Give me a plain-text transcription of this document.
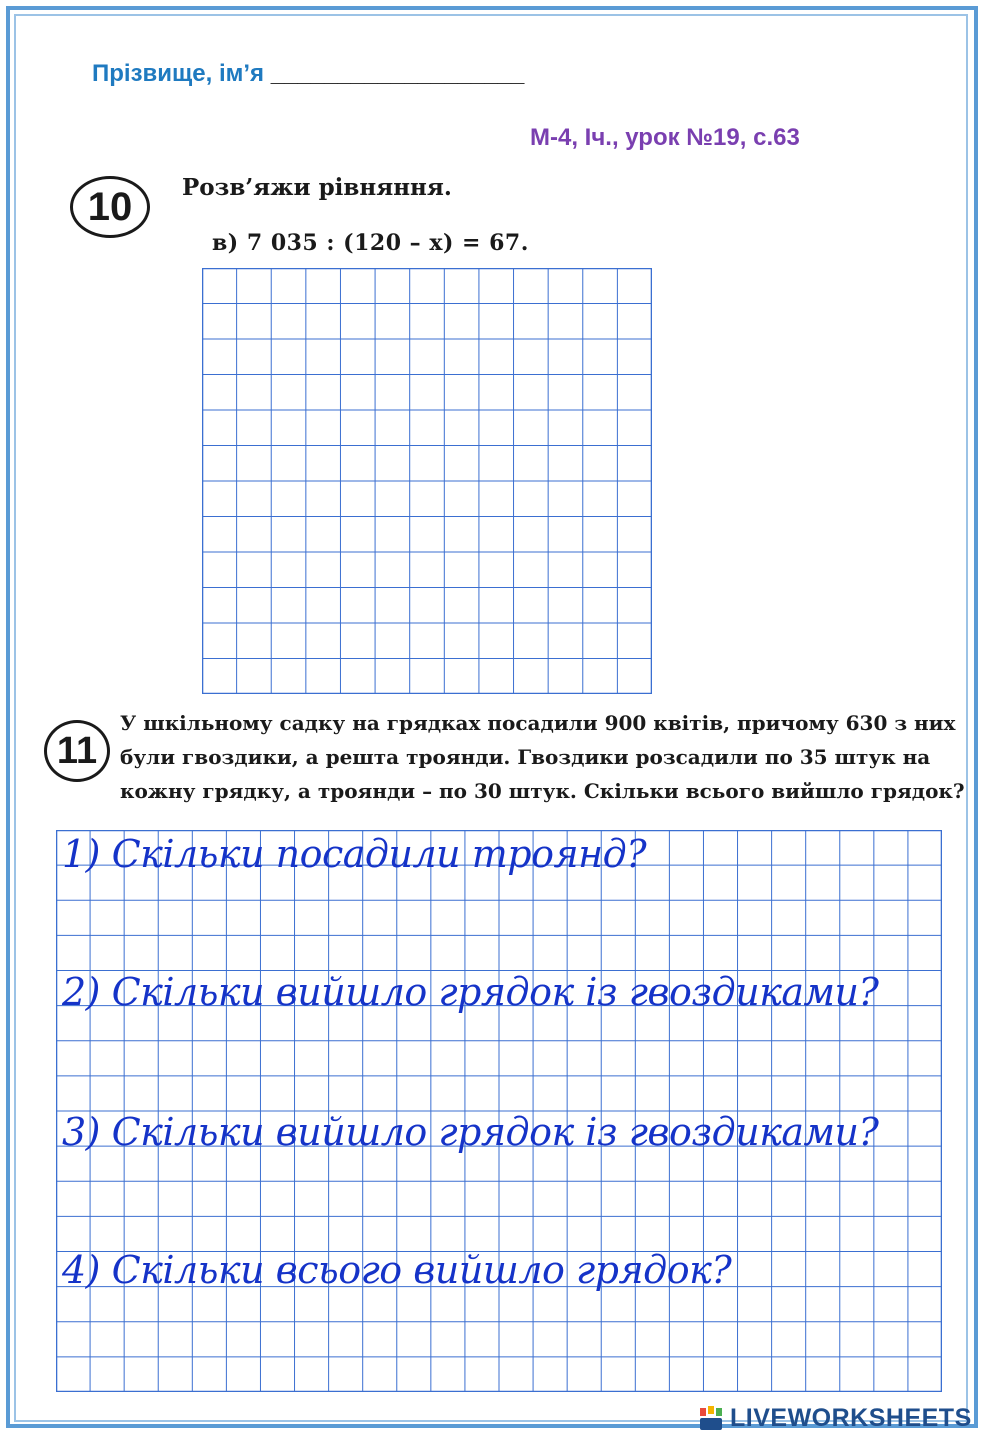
Прізвище, ім’я ___________________
М-4, Іч., урок №19, с.63
10	Розв’яжи рівняння.
в) 7 035 : (120 – x) = 67.
11
У шкільному садку на грядках посадили 900 квітів, причому 630 з них
були гвоздики, а решта троянди. Гвоздики розсадили по 35 штук на
кожну грядку, а троянди – по 30 штук. Скільки всього вийшло грядок?
1) Скільки посадили троянд?
2) Скільки вийшло грядок із гвоздиками?
3) Скільки вийшло грядок із гвоздиками?
4) Скільки всього вийшло грядок?
LIVEWORKSHEETS
